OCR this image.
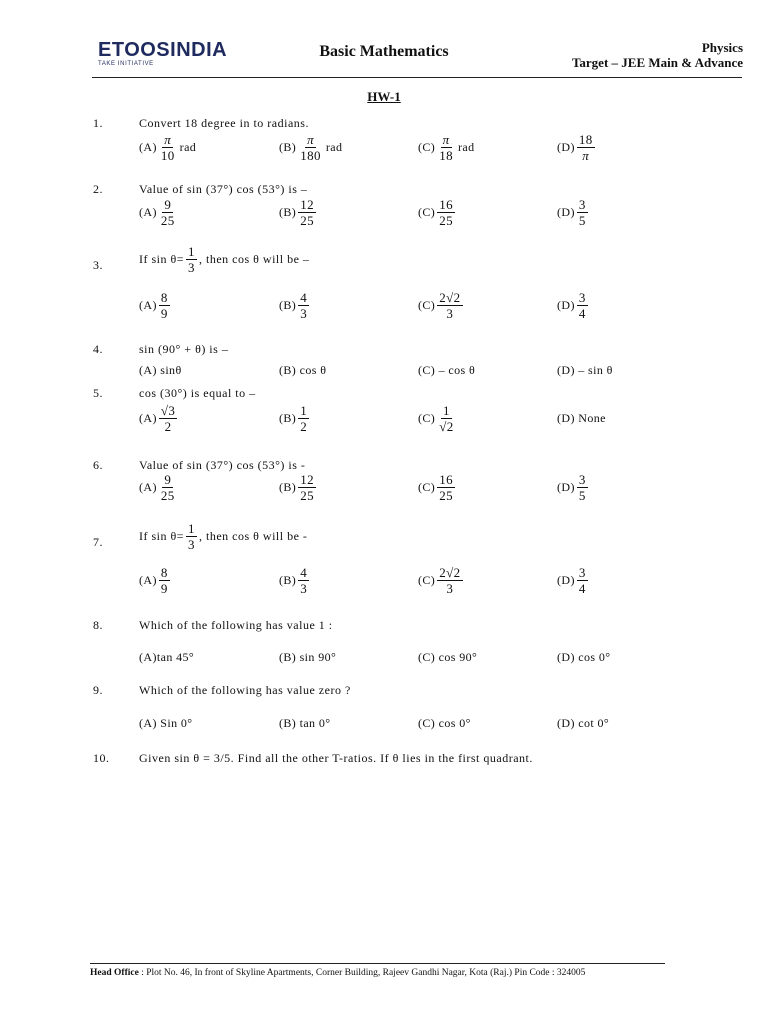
ETOOSINDIA
TAKE INITIATIVE
Basic Mathematics	Physics
Target – JEE Main & Advance
HW-1
1.	Convert 18 degree in to radians.
$(A) \frac{\pi}{10}$ rad	$(B) \frac{\pi}{180}$ rad	$(C) \frac{\pi}{18}$ rad	$(D) \frac{18}{\pi}$
2.	Value of sin (37°) cos (53°) is –
$(A) \frac{9}{25}$	$(B) \frac{12}{25}$	$(C) \frac{16}{25}$	$(D) \frac{3}{5}$
3.	If $\sin \theta= \frac{1}{3}$ , then cos θ will be –
$(A) \frac{8}{9}$	$(B) \frac{4}{3}$	$(C) \frac{2√2}{3}$	$(D) \frac{3}{4}$
4.	sin (90° + θ) is –
(A) sinθ	(B) cos θ	(C) – cos θ	(D) – sin θ
5.	cos (30°) is equal to –
$(A) \frac{√3}{2}$	$(B) \frac{1}{2}$	$(C) \frac{1}{√2}$	(D) None
6.	Value of sin (37°) cos (53°) is -
$(A) \frac{9}{25}$	$(B) \frac{12}{25}$	$(C) \frac{16}{25}$	$(D) \frac{3}{5}$
7.	If $\sin \theta= \frac{1}{3}$ , then cos θ will be -
$(A) \frac{8}{9}$	$(B) \frac{4}{3}$	$(C) \frac{2√2}{3}$	$(D) \frac{3}{4}$
8.	Which of the following has value 1 :
(A)tan 45°	(B) sin 90°	(C) cos 90°	(D) cos 0°
9.	Which of the following has value zero ?
(A) Sin 0°	(B) tan 0°	(C) cos 0°	(D) cot 0°
10. Given sin θ = 3/5. Find all the other T-ratios. If θ lies in the first quadrant.
Head Office : Plot No. 46, In front of Skyline Apartments, Corner Building, Rajeev Gandhi Nagar, Kota (Raj.) Pin Code : 324005
